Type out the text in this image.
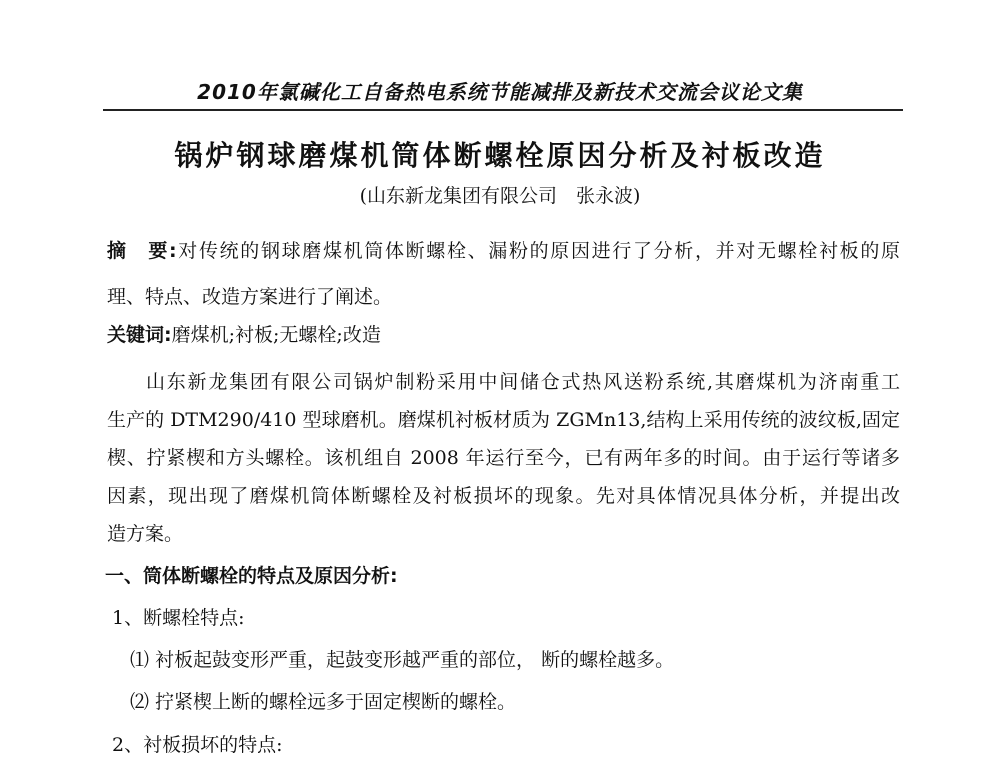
2010年氯碱化工自备热电系统节能减排及新技术交流会议论文集
锅炉钢球磨煤机筒体断螺栓原因分析及衬板改造
(山东新龙集团有限公司　张永波)
摘　要:对传统的钢球磨煤机筒体断螺栓、漏粉的原因进行了分析，并对无螺栓衬板的原
理、特点、改造方案进行了阐述。
关键词:磨煤机;衬板;无螺栓;改造
山东新龙集团有限公司锅炉制粉采用中间储仓式热风送粉系统,其磨煤机为济南重工
生产的 DTM290/410 型球磨机。磨煤机衬板材质为 ZGMn13,结构上采用传统的波纹板,固定
楔、拧紧楔和方头螺栓。该机组自 2008 年运行至今，已有两年多的时间。由于运行等诸多
因素，现出现了磨煤机筒体断螺栓及衬板损坏的现象。先对具体情况具体分析，并提出改
造方案。
一、筒体断螺栓的特点及原因分析:
1、断螺栓特点:
⑴ 衬板起鼓变形严重，起鼓变形越严重的部位， 断的螺栓越多。
⑵ 拧紧楔上断的螺栓远多于固定楔断的螺栓。
2、衬板损坏的特点:
